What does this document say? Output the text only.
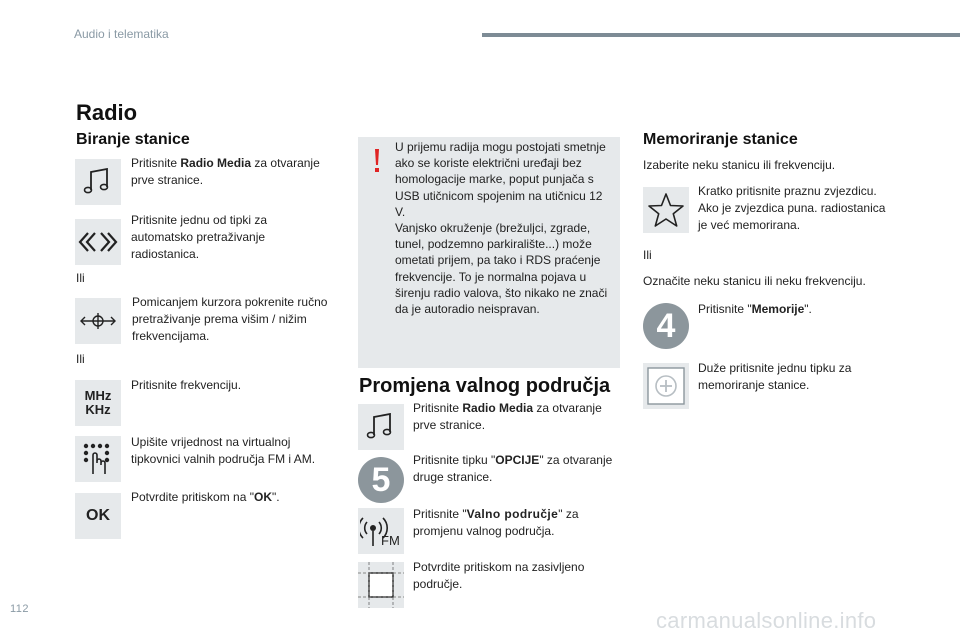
Audio i telematika
Radio
Biranje stanice
Pritisnite Radio Media za otvaranje prve stranice.
Pritisnite jednu od tipki za automatsko pretraživanje radiostanica.
Ili
Pomicanjem kurzora pokrenite ručno pretraživanje prema višim / nižim frekvencijama.
Ili
MHz
KHz
Pritisnite frekvenciju.
Upišite vrijednost na virtualnoj tipkovnici valnih područja FM i AM.
OK
Potvrdite pritiskom na "OK".
U prijemu radija mogu postojati smetnje ako se koriste električni uređaji bez homologacije marke, poput punjača s USB utičnicom spojenim na utičnicu 12 V.
Vanjsko okruženje (brežuljci, zgrade, tunel, podzemno parkiralište...) može ometati prijem, pa tako i RDS praćenje frekvencije. To je normalna pojava u širenju radio valova, što nikako ne znači da je autoradio neispravan.
Promjena valnog područja
Pritisnite Radio Media za otvaranje prve stranice.
5
Pritisnite tipku "OPCIJE" za otvaranje druge stranice.
FM
Pritisnite "Valno područje" za promjenu valnog područja.
Potvrdite pritiskom na zasivljeno područje.
Memoriranje stanice
Izaberite neku stanicu ili frekvenciju.
Kratko pritisnite praznu zvjezdicu. Ako je zvjezdica puna. radiostanica je već memorirana.
Ili
Označite neku stanicu ili neku frekvenciju.
4	Pritisnite "Memorije".
Duže pritisnite jednu tipku za memoriranje stanice.
112	carmanualsonline.info
